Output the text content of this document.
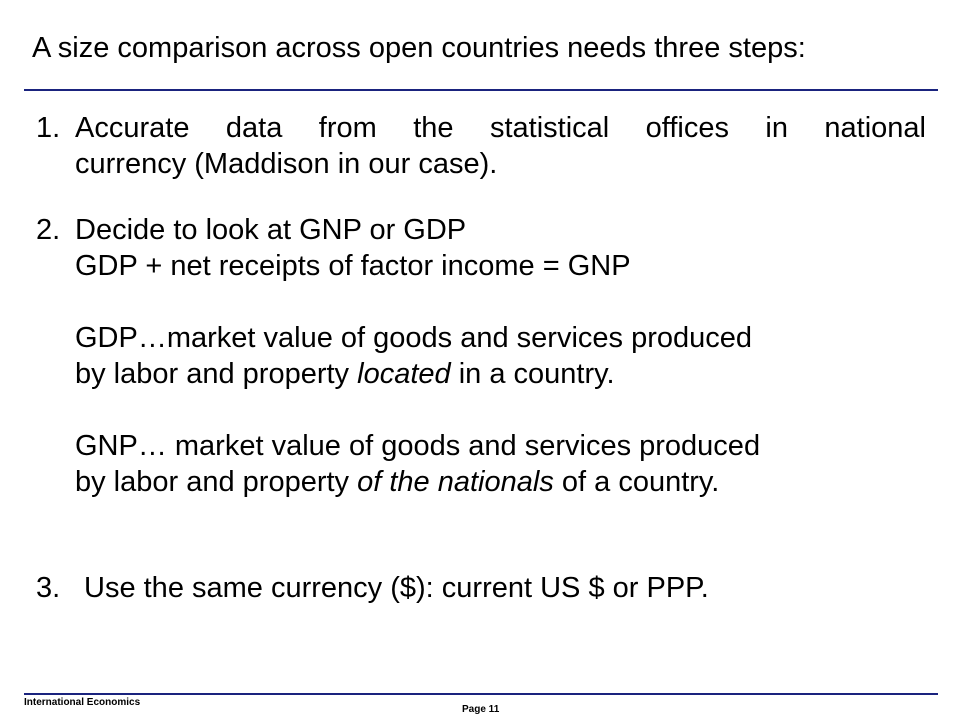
A size comparison across open countries needs three steps:
1. Accurate data from the statistical offices in national
currency (Maddison in our case).
2. Decide to look at GNP or GDP
GDP + net receipts of factor income = GNP
GDP…market value of goods and services produced
by labor and property located in a country.
GNP… market value of goods and services produced
by labor and property of the nationals of a country.
3. Use the same currency ($): current US $ or PPP.
International Economics
Page 11
